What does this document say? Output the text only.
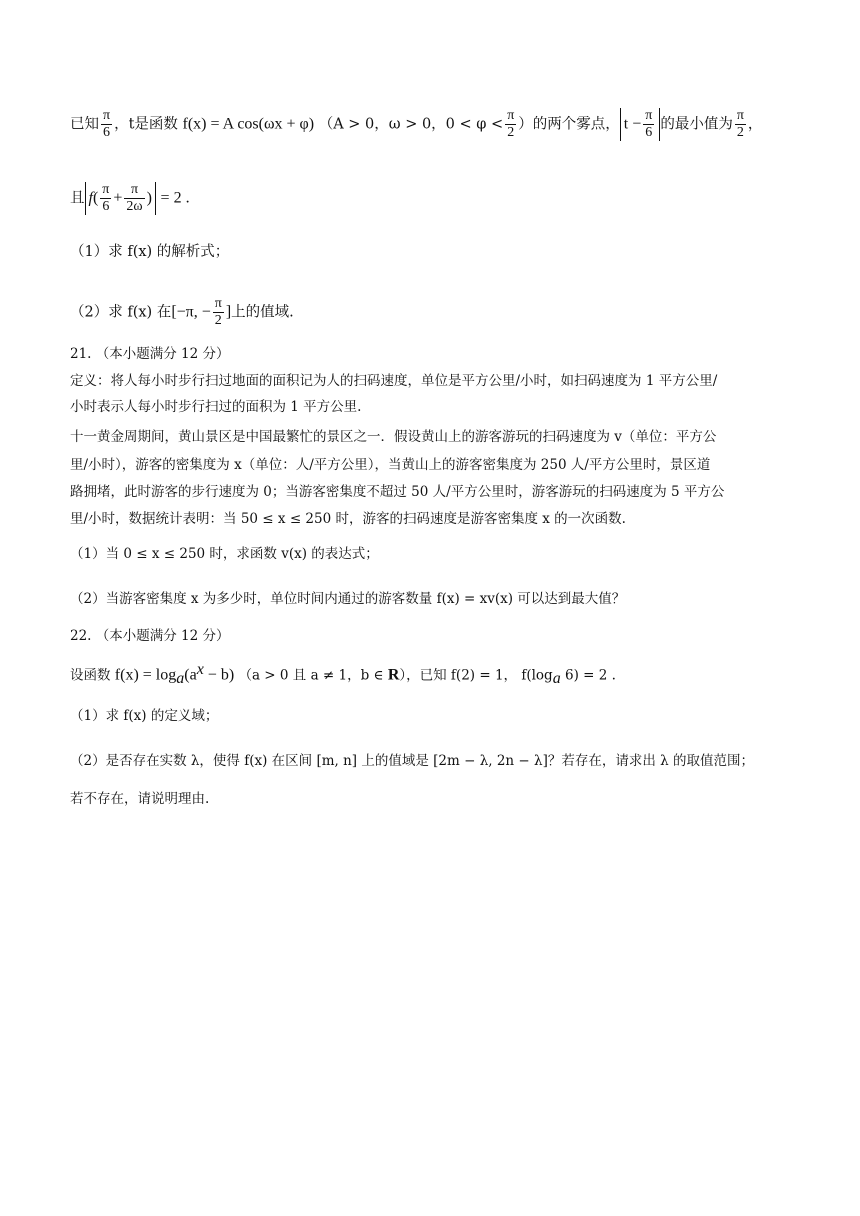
已知 $\frac{\pi}{6}$ ，t是函数 f(x) = A cos(ωx + φ) （A > 0，ω > 0，$0 < \varphi < \frac{\pi}{2}$ ）的两个雾点， $t - \frac{\pi}{6}$ 的最小值为 $\frac{\pi}{2}$ ，
且 $f( \frac{\pi}{6} + \frac{\pi}{2\omega}$ ) = 2 .
（1）求 f(x) 的解析式；
（2）求 f(x) 在[−π, − $\frac{\pi}{2}$ ]上的值域.
21. （本小题满分 12 分）
定义：将人每小时步行扫过地面的面积记为人的扫码速度，单位是平方公里/小时，如扫码速度为 1 平方公里/
小时表示人每小时步行扫过的面积为 1 平方公里.
十一黄金周期间，黄山景区是中国最繁忙的景区之一．假设黄山上的游客游玩的扫码速度为 v（单位：平方公
里/小时），游客的密集度为 x（单位：人/平方公里），当黄山上的游客密集度为 250 人/平方公里时，景区道
路拥堵，此时游客的步行速度为 0；当游客密集度不超过 50 人/平方公里时，游客游玩的扫码速度为 5 平方公
里/小时，数据统计表明：当 50 ≤ x ≤ 250 时，游客的扫码速度是游客密集度 x 的一次函数.
（1）当 0 ≤ x ≤ 250 时，求函数 v(x) 的表达式；
（2）当游客密集度 x 为多少时，单位时间内通过的游客数量 f(x) = xv(x) 可以达到最大值？
22. （本小题满分 12 分）
设函数 $f(x) = \log_a(a^x - b) (a > 0$ 且 a ≠ 1，b ∈ R），已知 f(2) = 1， $f(\log_a$ 6) = 2 .
（1）求 f(x) 的定义域；
（2）是否存在实数 λ，使得 f(x) 在区间 [m, n] 上的值域是 [2m − λ, 2n − λ]？若存在，请求出 λ 的取值范围；
若不存在，请说明理由.
